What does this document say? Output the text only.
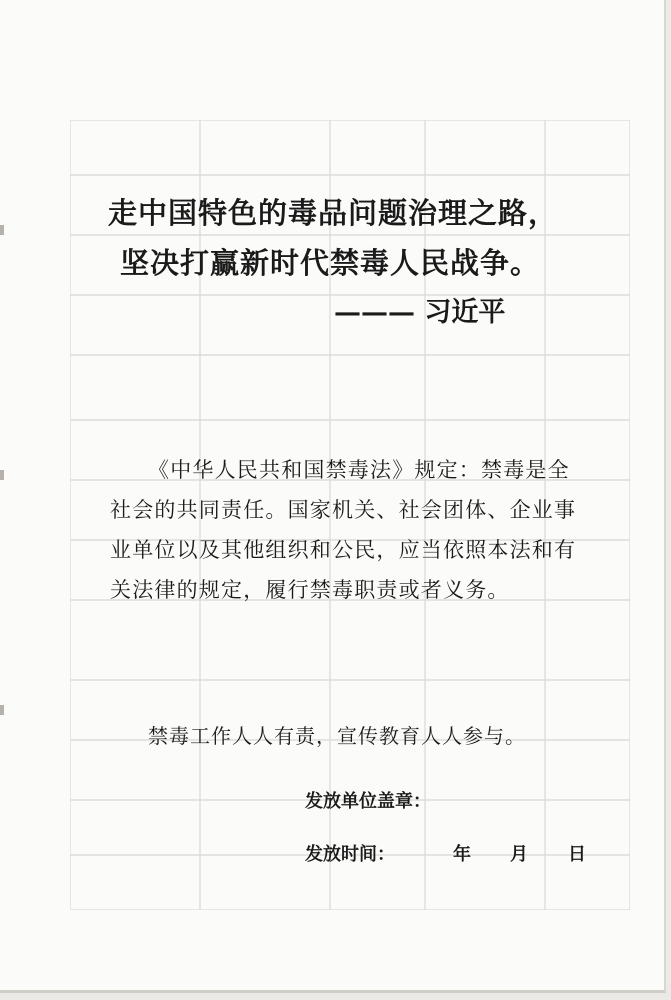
走中国特色的毒品问题治理之路，
坚决打赢新时代禁毒人民战争。
——— 习近平
《中华人民共和国禁毒法》规定：禁毒是全
社会的共同责任。国家机关、社会团体、企业事
业单位以及其他组织和公民，应当依照本法和有
关法律的规定，履行禁毒职责或者义务。
禁毒工作人人有责，宣传教育人人参与。
发放单位盖章：
发放时间：	年 月 日
